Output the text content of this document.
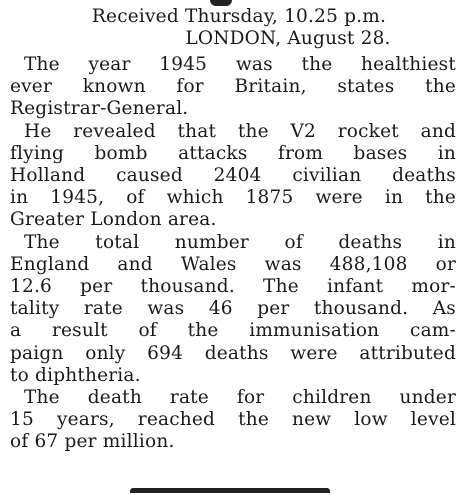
Received Thursday, 10.25 p.m.
LONDON, August 28.

The year 1945 was the healthiest
ever known for Britain, states the
Registrar-General.

He revealed that the V2 rocket and
flying bomb attacks from bases in
Holland caused 2404 civilian deaths
in 1945, of which 1875 were in the
Greater London area.

The total number of deaths in
England and Wales was 488,108 or
12.6 per thousand. The infant mor-
tality rate was 46 per thousand. As
a result of the immunisation cam-
paign only 694 deaths were attributed
to diphtheria.

The death rate for children under
15 years, reached the new low level
of 67 per million.
